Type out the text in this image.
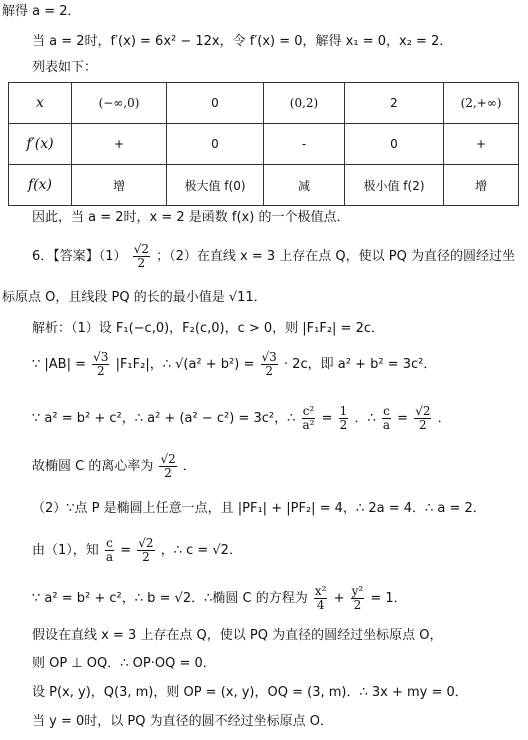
解得 a = 2．
当 a = 2时，f′(x) = 6x² − 12x，令 f′(x) = 0，解得 x₁ = 0，x₂ = 2．
列表如下：
x	(−∞,0)	0	(0,2)	2	(2,+∞)
f′(x)	+	0	-	0	+
f(x)	增	极大值 f(0)	减	极小值 f(2)	增
因此，当 a = 2时，x = 2 是函数 f(x) 的一个极值点．
6．【答案】$(1) \frac{√2}{2}$ ；（2）在直线 x = 3 上存在点 Q，使以 PQ 为直径的圆经过坐
标原点 O，且线段 PQ 的长的最小值是 √11．
解析：（1）设 F₁(−c,0)，F₂(c,0)，c > 0，则 |F₁F₂| = 2c．
∵ $|AB| = \frac{√3}{2} |F_1F_2|$，∴ $√(a^2 + b^2) = \frac{√3}{2} \cdot 2c$，即 a² + b² = 3c²．
∵ a² = b² + c²，∴ a² + (a² − c²) = 3c²，∴ $\frac{\text{c²}}{\text{a²}} = \frac{1}{2}$ ．∴ $\frac{c}{a} = \frac{√2}{2}$ ．
故椭圆 C 的离心率为 $\frac{√2}{2}$ ．
（2）∵点 P 是椭圆上任意一点，且 |PF₁| + |PF₂| = 4，∴ 2a = 4．∴ a = 2．
由（1），知 $\frac{c}{a} = \frac{√2}{2}$ ，∴ c = √2．
∵ a² = b² + c²，∴ b = √2．∴椭圆 C 的方程为 $\frac{\text{x²}}{4} + \frac{\text{y²}}{2} = 1$．
假设在直线 x = 3 上存在点 Q，使以 PQ 为直径的圆经过坐标原点 O，
则 OP ⊥ OQ．∴ OP·OQ = 0．
设 P(x, y)，Q(3, m)，则 OP = (x, y)，OQ = (3, m)．∴ 3x + my = 0．
当 y = 0时，以 PQ 为直径的圆不经过坐标原点 O．
